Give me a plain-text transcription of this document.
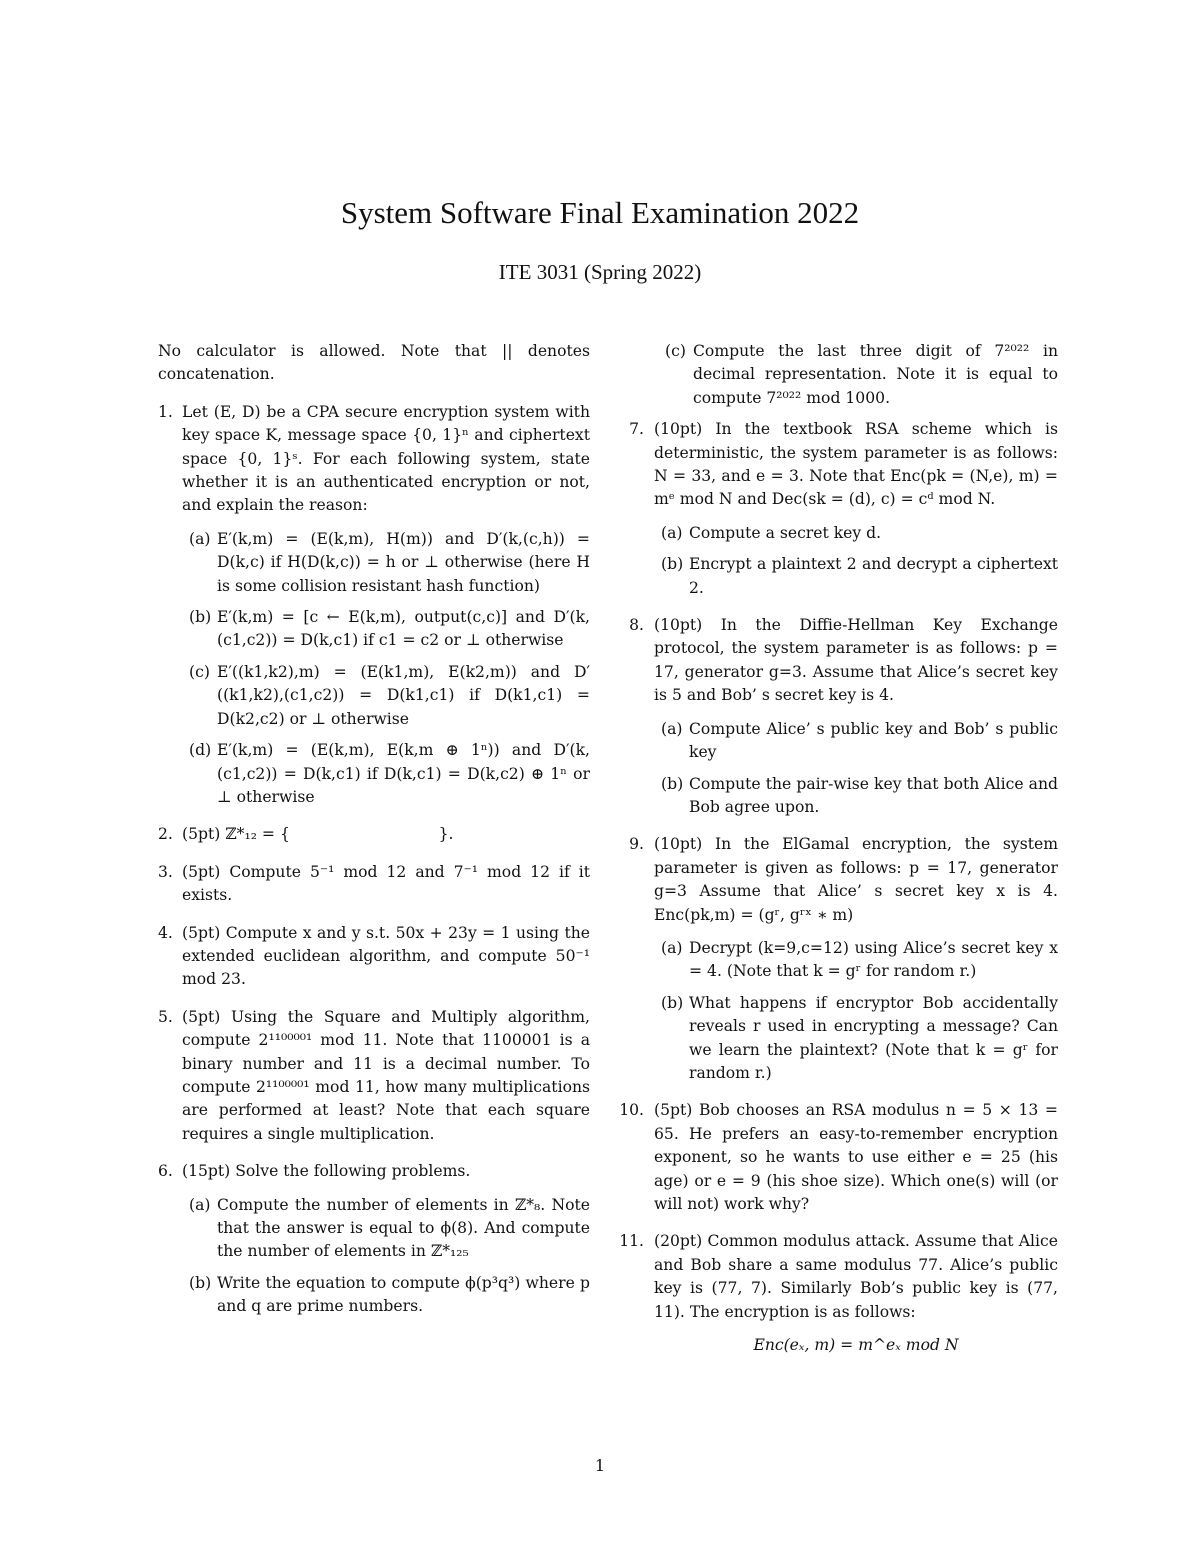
System Software Final Examination 2022
ITE 3031 (Spring 2022)

No calculator is allowed. Note that || denotes concatenation.

1. Let (E, D) be a CPA secure encryption system with key space K, message space {0, 1}ⁿ and ciphertext space {0, 1}ˢ. For each following system, state whether it is an authenticated encryption or not, and explain the reason:
(a) E′(k,m) = (E(k,m), H(m)) and D′(k,(c,h)) = D(k,c) if H(D(k,c)) = h or ⊥ otherwise (here H is some collision resistant hash function)
(b) E′(k,m) = [c ← E(k,m), output(c,c)] and D′(k,(c1,c2)) = D(k,c1) if c1 = c2 or ⊥ otherwise
(c) E′((k1,k2),m) = (E(k1,m), E(k2,m)) and D′((k1,k2),(c1,c2)) = D(k1,c1) if D(k1,c1) = D(k2,c2) or ⊥ otherwise
(d) E′(k,m) = (E(k,m), E(k,m ⊕ 1ⁿ)) and D′(k,(c1,c2)) = D(k,c1) if D(k,c1) = D(k,c2) ⊕ 1ⁿ or ⊥ otherwise
2. (5pt) ℤ*₁₂ = {                              }.
3. (5pt) Compute 5⁻¹ mod 12 and 7⁻¹ mod 12 if it exists.
4. (5pt) Compute x and y s.t. 50x + 23y = 1 using the extended euclidean algorithm, and compute 50⁻¹ mod 23.
5. (5pt) Using the Square and Multiply algorithm, compute 2¹¹⁰⁰⁰⁰¹ mod 11. Note that 1100001 is a binary number and 11 is a decimal number. To compute 2¹¹⁰⁰⁰⁰¹ mod 11, how many multiplications are performed at least? Note that each square requires a single multiplication.
6. (15pt) Solve the following problems.
(a) Compute the number of elements in ℤ*₈. Note that the answer is equal to ϕ(8). And compute the number of elements in ℤ*₁₂₅
(b) Write the equation to compute ϕ(p³q³) where p and q are prime numbers.
(c) Compute the last three digit of 7²⁰²² in decimal representation. Note it is equal to compute 7²⁰²² mod 1000.
7. (10pt) In the textbook RSA scheme which is deterministic, the system parameter is as follows: N = 33, and e = 3. Note that Enc(pk = (N,e), m) = mᵉ mod N and Dec(sk = (d), c) = cᵈ mod N.
(a) Compute a secret key d.
(b) Encrypt a plaintext 2 and decrypt a ciphertext 2.
8. (10pt) In the Diffie-Hellman Key Exchange protocol, the system parameter is as follows: p = 17, generator g=3. Assume that Alice’s secret key is 5 and Bob’ s secret key is 4.
(a) Compute Alice’ s public key and Bob’ s public key
(b) Compute the pair-wise key that both Alice and Bob agree upon.
9. (10pt) In the ElGamal encryption, the system parameter is given as follows: p = 17, generator g=3 Assume that Alice’ s secret key x is 4. Enc(pk,m) = (gʳ, gʳˣ ∗ m)
(a) Decrypt (k=9,c=12) using Alice’s secret key x = 4. (Note that k = gʳ for random r.)
(b) What happens if encryptor Bob accidentally reveals r used in encrypting a message? Can we learn the plaintext? (Note that k = gʳ for random r.)
10. (5pt) Bob chooses an RSA modulus n = 5 × 13 = 65. He prefers an easy-to-remember encryption exponent, so he wants to use either e = 25 (his age) or e = 9 (his shoe size). Which one(s) will (or will not) work why?
11. (20pt) Common modulus attack. Assume that Alice and Bob share a same modulus 77. Alice’s public key is (77, 7). Similarly Bob’s public key is (77, 11). The encryption is as follows:
Enc(eₓ, m) = m^eₓ mod N
1
